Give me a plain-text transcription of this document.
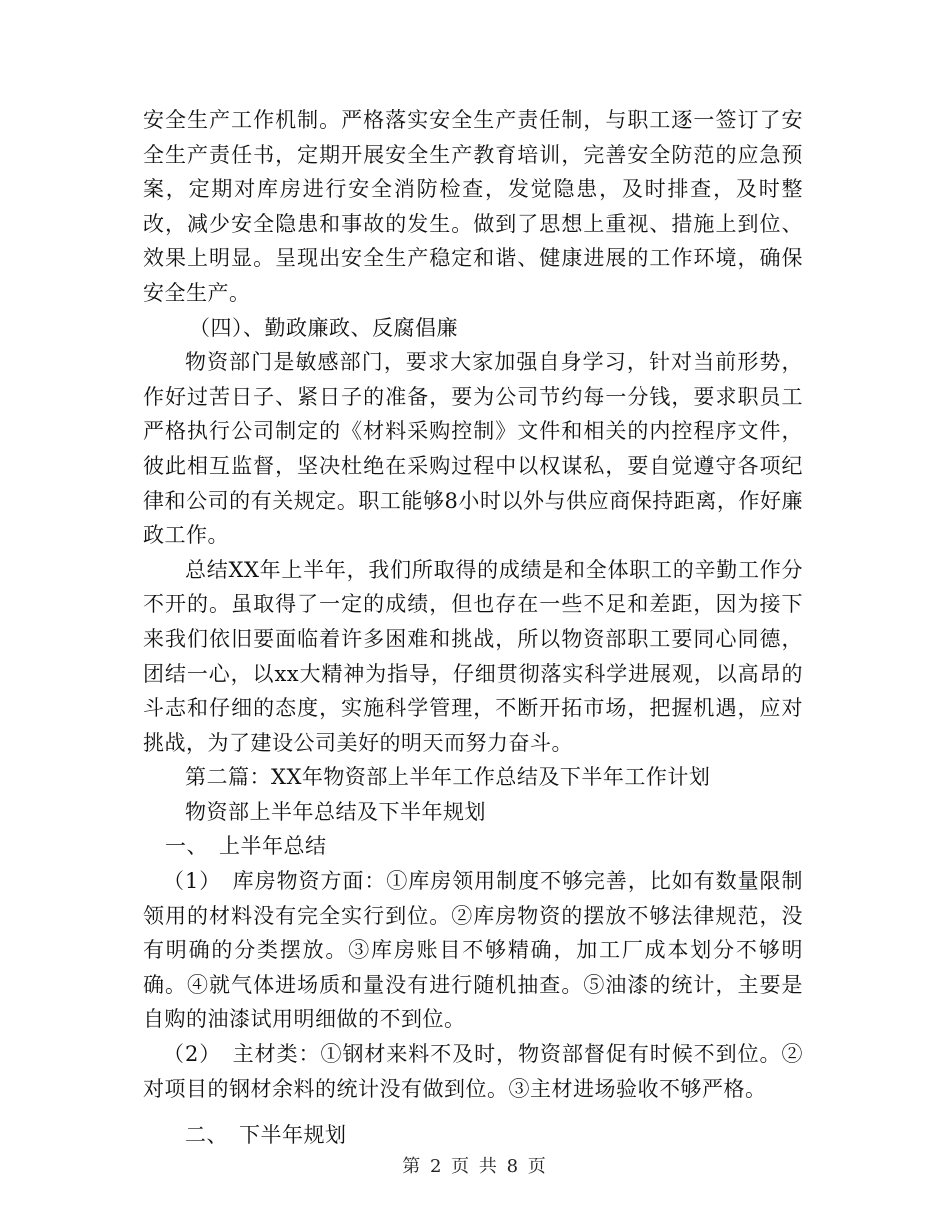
安全生产工作机制。严格落实安全生产责任制，与职工逐一签订了安全生产责任书，定期开展安全生产教育培训，完善安全防范的应急预案，定期对库房进行安全消防检查，发觉隐患，及时排查，及时整改，减少安全隐患和事故的发生。做到了思想上重视、措施上到位、效果上明显。呈现出安全生产稳定和谐、健康进展的工作环境，确保安全生产。

（四）、勤政廉政、反腐倡廉

物资部门是敏感部门，要求大家加强自身学习，针对当前形势，作好过苦日子、紧日子的准备，要为公司节约每一分钱，要求职员工严格执行公司制定的《材料采购控制》文件和相关的内控程序文件，彼此相互监督，坚决杜绝在采购过程中以权谋私，要自觉遵守各项纪律和公司的有关规定。职工能够8小时以外与供应商保持距离，作好廉政工作。

总结XX年上半年，我们所取得的成绩是和全体职工的辛勤工作分不开的。虽取得了一定的成绩，但也存在一些不足和差距，因为接下来我们依旧要面临着许多困难和挑战，所以物资部职工要同心同德，团结一心，以xx大精神为指导，仔细贯彻落实科学进展观，以高昂的斗志和仔细的态度，实施科学管理，不断开拓市场，把握机遇，应对挑战，为了建设公司美好的明天而努力奋斗。

第二篇：XX年物资部上半年工作总结及下半年工作计划

物资部上半年总结及下半年规划

一、　上半年总结

（1）　库房物资方面：①库房领用制度不够完善，比如有数量限制领用的材料没有完全实行到位。②库房物资的摆放不够法律规范，没有明确的分类摆放。③库房账目不够精确，加工厂成本划分不够明确。④就气体进场质和量没有进行随机抽查。⑤油漆的统计，主要是自购的油漆试用明细做的不到位。

（2）　主材类：①钢材来料不及时，物资部督促有时候不到位。②对项目的钢材余料的统计没有做到位。③主材进场验收不够严格。

二、　下半年规划

第 2 页 共 8 页
